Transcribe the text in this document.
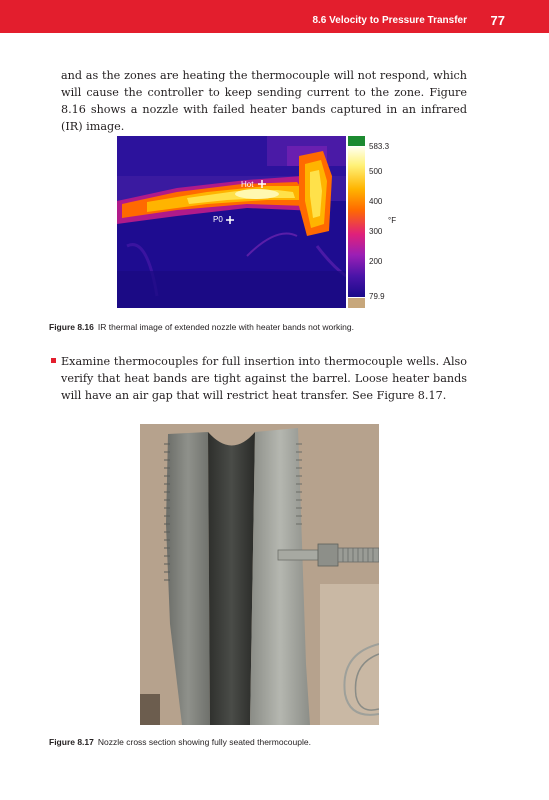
8.6 Velocity to Pressure Transfer 77

and as the zones are heating the thermocouple will not respond, which will cause the controller to keep sending current to the zone. Figure 8.16 shows a nozzle with failed heater bands captured in an infrared (IR) image.

Hot
P0
583.3
500
400
300
200
79.9
°F
Figure 8.16 IR thermal image of extended nozzle with heater bands not working.

Examine thermocouples for full insertion into thermocouple wells. Also verify that heat bands are tight against the barrel. Loose heater bands will have an air gap that will restrict heat transfer. See Figure 8.17.

Figure 8.17 Nozzle cross section showing fully seated thermocouple.
